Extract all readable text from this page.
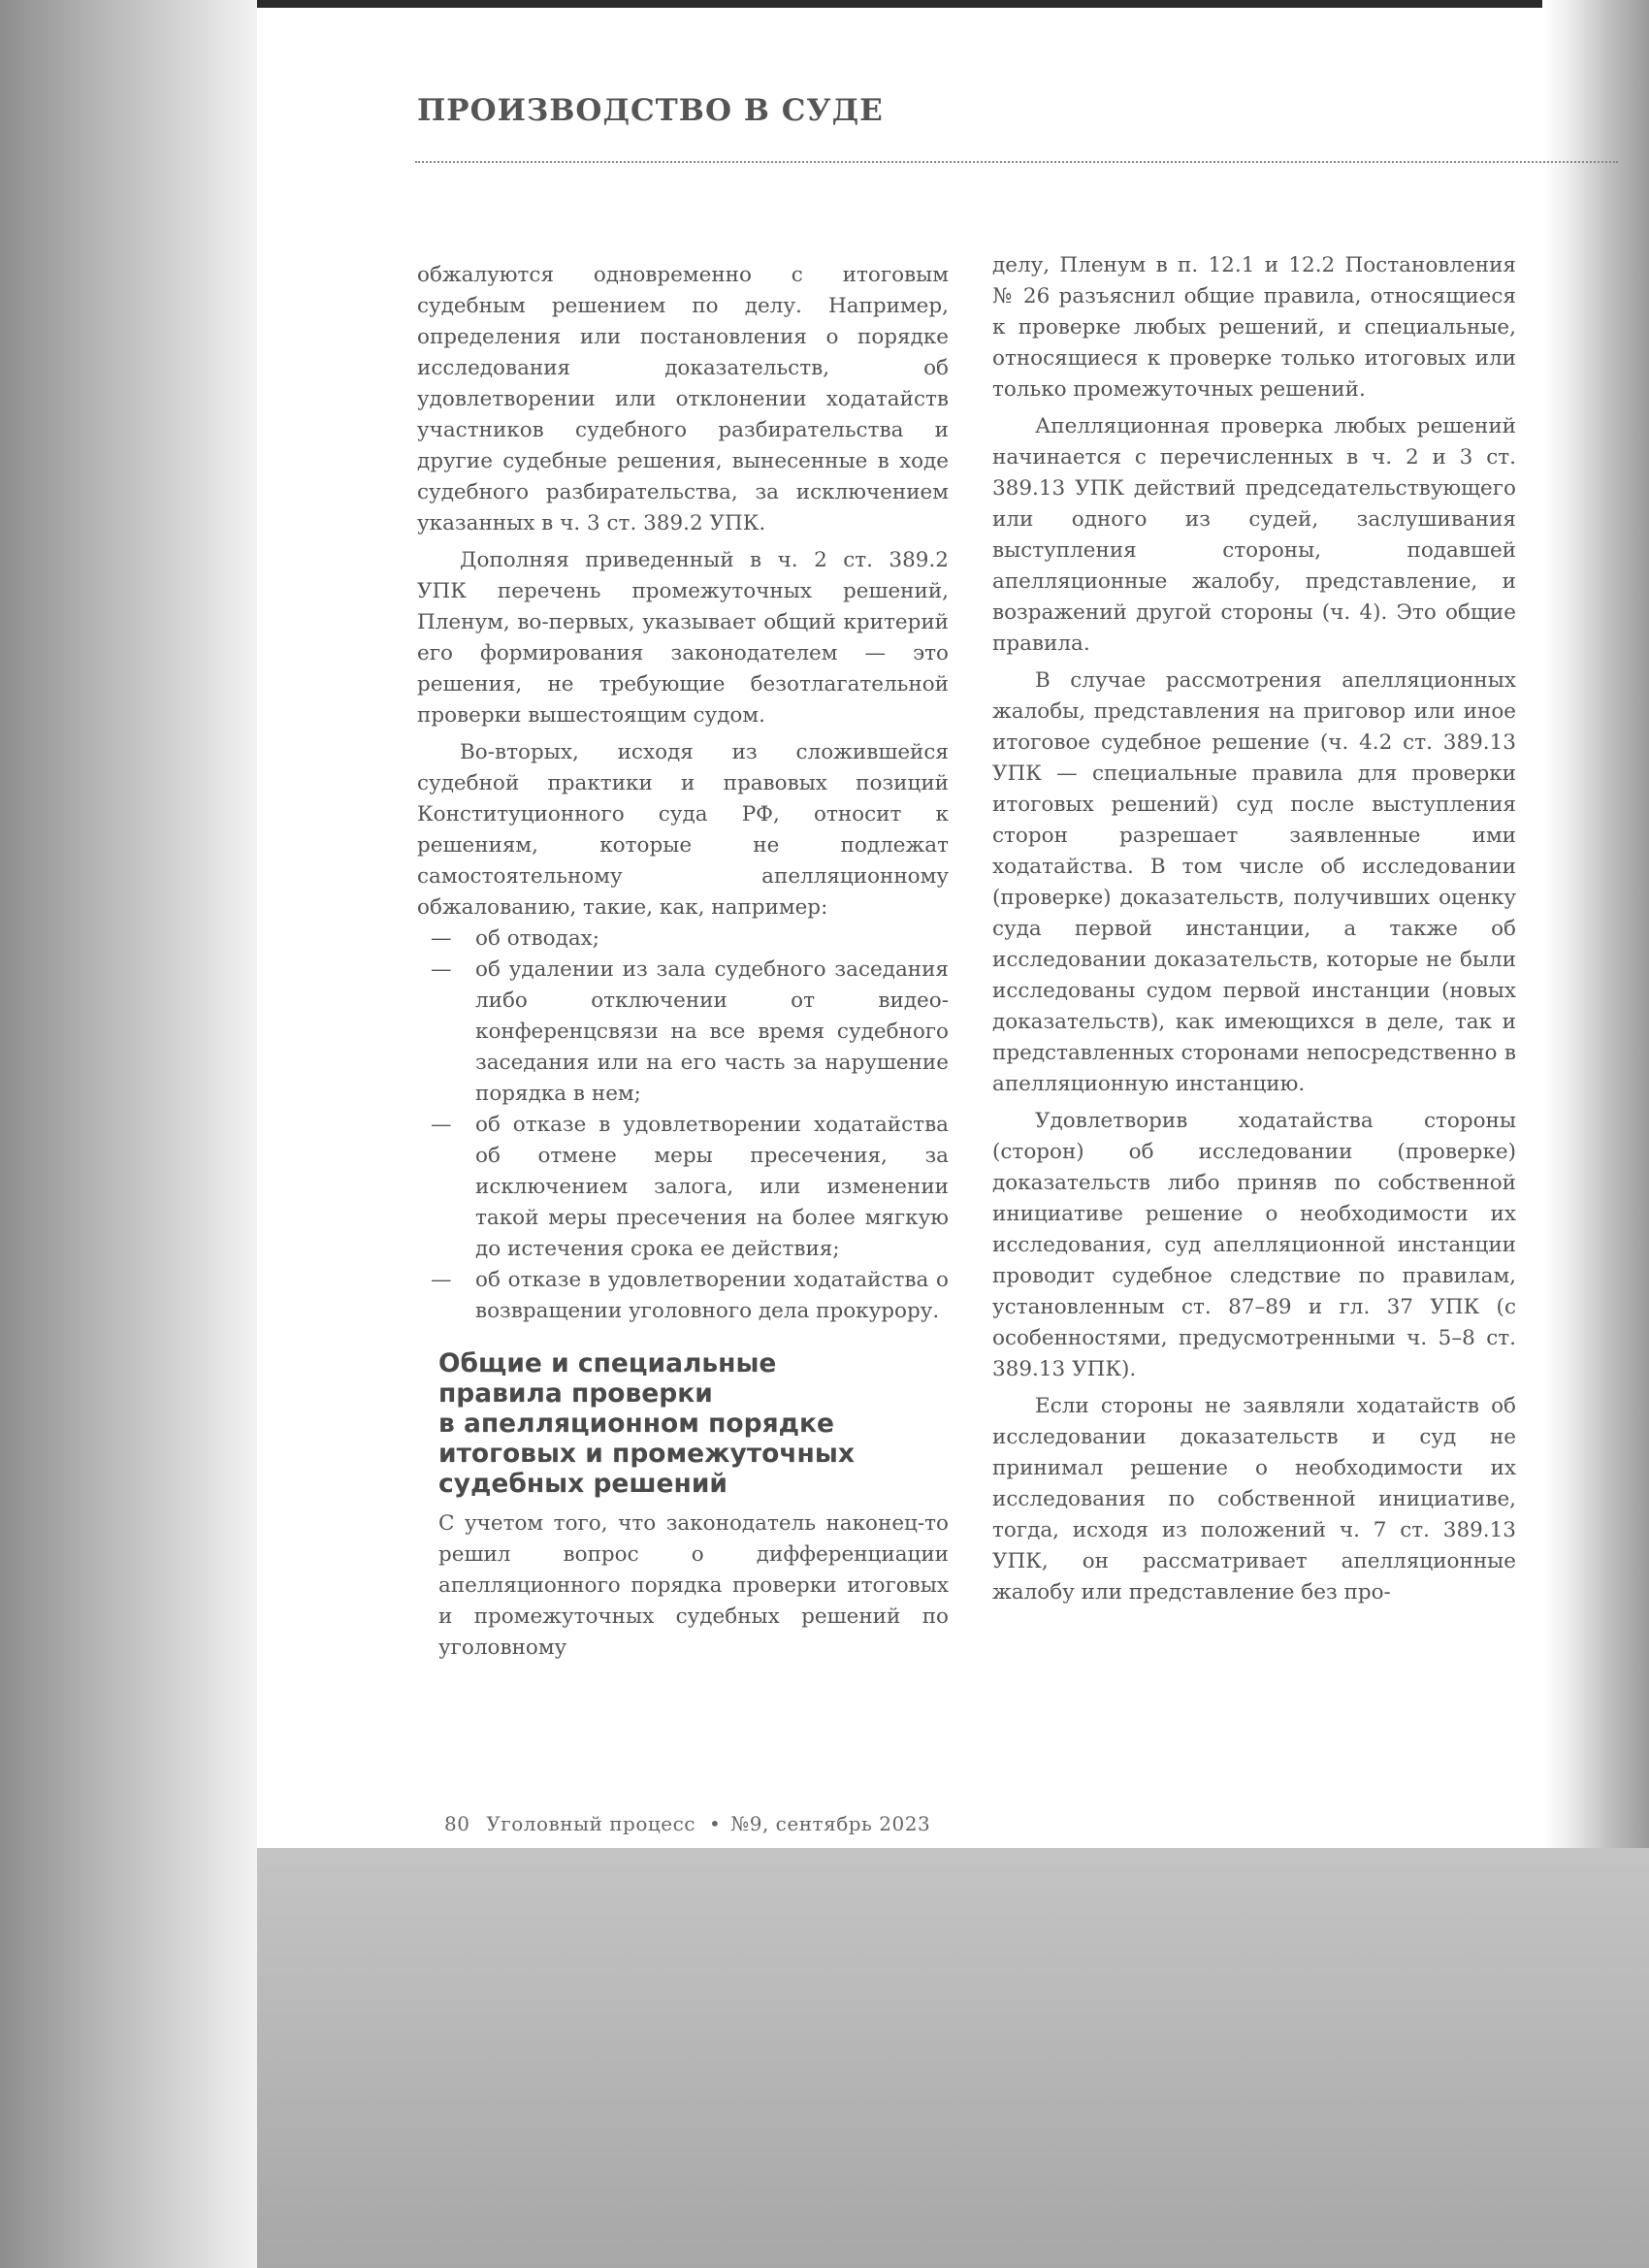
ПРОИЗВОДСТВО В СУДЕ

обжалуются одновременно с итоговым судебным решением по делу. Например, определения или постановления о порядке исследования доказательств, об удовлетворении или отклонении ходатайств участников судебного разбирательства и другие судебные решения, вынесенные в ходе судебного разбирательства, за исключением указанных в ч. 3 ст. 389.2 УПК.

Дополняя приведенный в ч. 2 ст. 389.2 УПК перечень промежуточных решений, Пленум, во-первых, указывает общий критерий его формирования законодателем — это решения, не требующие безотлагательной проверки вышестоящим судом.

Во-вторых, исходя из сложившейся судебной практики и правовых позиций Конституционного суда РФ, относит к решениям, которые не подлежат самостоятельному апелляционному обжалованию, такие, как, например:

— об отводах;
— об удалении из зала судебного заседания либо отключении от видео-конференцсвязи на все время судебного заседания или на его часть за нарушение порядка в нем;
— об отказе в удовлетворении ходатайства об отмене меры пресечения, за исключением залога, или изменении такой меры пресечения на более мягкую до истечения срока ее действия;
— об отказе в удовлетворении ходатайства о возвращении уголовного дела прокурору.
Общие и специальные
правила проверки
в апелляционном порядке
итоговых и промежуточных
судебных решений

С учетом того, что законодатель наконец-то решил вопрос о дифференциации апелляционного порядка проверки итоговых и промежуточных судебных решений по уголовному

делу, Пленум в п. 12.1 и 12.2 Постановления № 26 разъяснил общие правила, относящиеся к проверке любых решений, и специальные, относящиеся к проверке только итоговых или только промежуточных решений.

Апелляционная проверка любых решений начинается с перечисленных в ч. 2 и 3 ст. 389.13 УПК действий председательствующего или одного из судей, заслушивания выступления стороны, подавшей апелляционные жалобу, представление, и возражений другой стороны (ч. 4). Это общие правила.

В случае рассмотрения апелляционных жалобы, представления на приговор или иное итоговое судебное решение (ч. 4.2 ст. 389.13 УПК — специальные правила для проверки итоговых решений) суд после выступления сторон разрешает заявленные ими ходатайства. В том числе об исследовании (проверке) доказательств, получивших оценку суда первой инстанции, а также об исследовании доказательств, которые не были исследованы судом первой инстанции (новых доказательств), как имеющихся в деле, так и представленных сторонами непосредственно в апелляционную инстанцию.

Удовлетворив ходатайства стороны (сторон) об исследовании (проверке) доказательств либо приняв по собственной инициативе решение о необходимости их исследования, суд апелляционной инстанции проводит судебное следствие по правилам, установленным ст. 87–89 и гл. 37 УПК (с особенностями, предусмотренными ч. 5–8 ст. 389.13 УПК).

Если стороны не заявляли ходатайств об исследовании доказательств и суд не принимал решение о необходимости их исследования по собственной инициативе, тогда, исходя из положений ч. 7 ст. 389.13 УПК, он рассматривает апелляционные жалобу или представление без про-

80 Уголовный процесс • №9, сентябрь 2023
